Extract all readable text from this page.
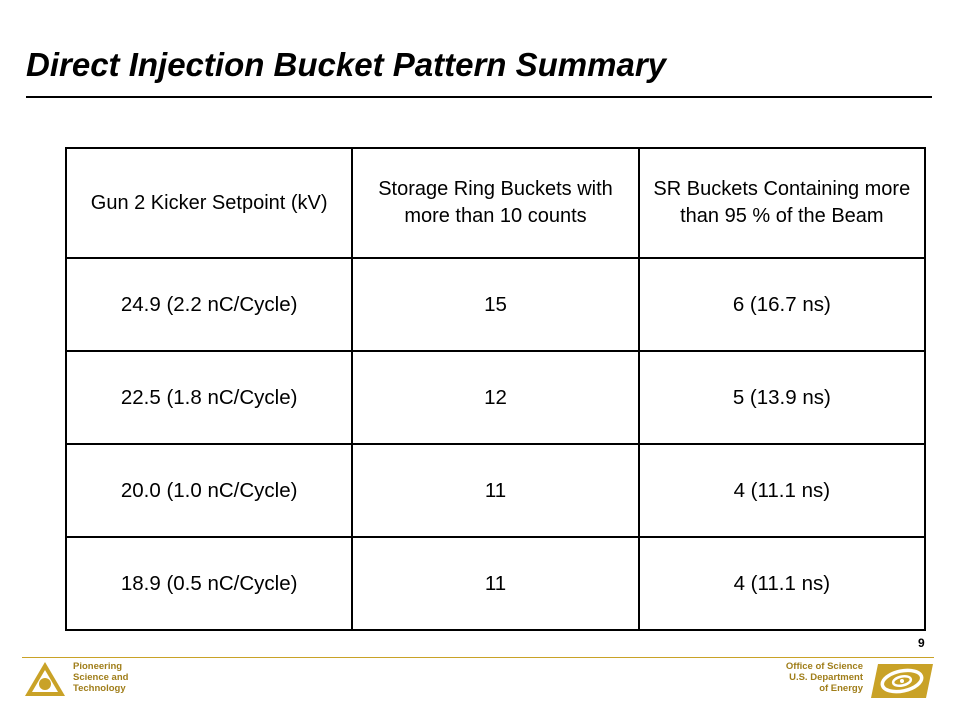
Direct Injection Bucket Pattern Summary
Gun 2 Kicker Setpoint (kV)	Storage Ring Buckets with more than 10 counts	SR Buckets Containing more than 95 % of the Beam
24.9 (2.2 nC/Cycle)	15	6 (16.7 ns)
22.5 (1.8 nC/Cycle)	12	5 (13.9 ns)
20.0 (1.0 nC/Cycle)	11	4 (11.1 ns)
18.9 (0.5 nC/Cycle)	11	4 (11.1 ns)
9
Pioneering
Science and
Technology
Office of Science
U.S. Department
of Energy
